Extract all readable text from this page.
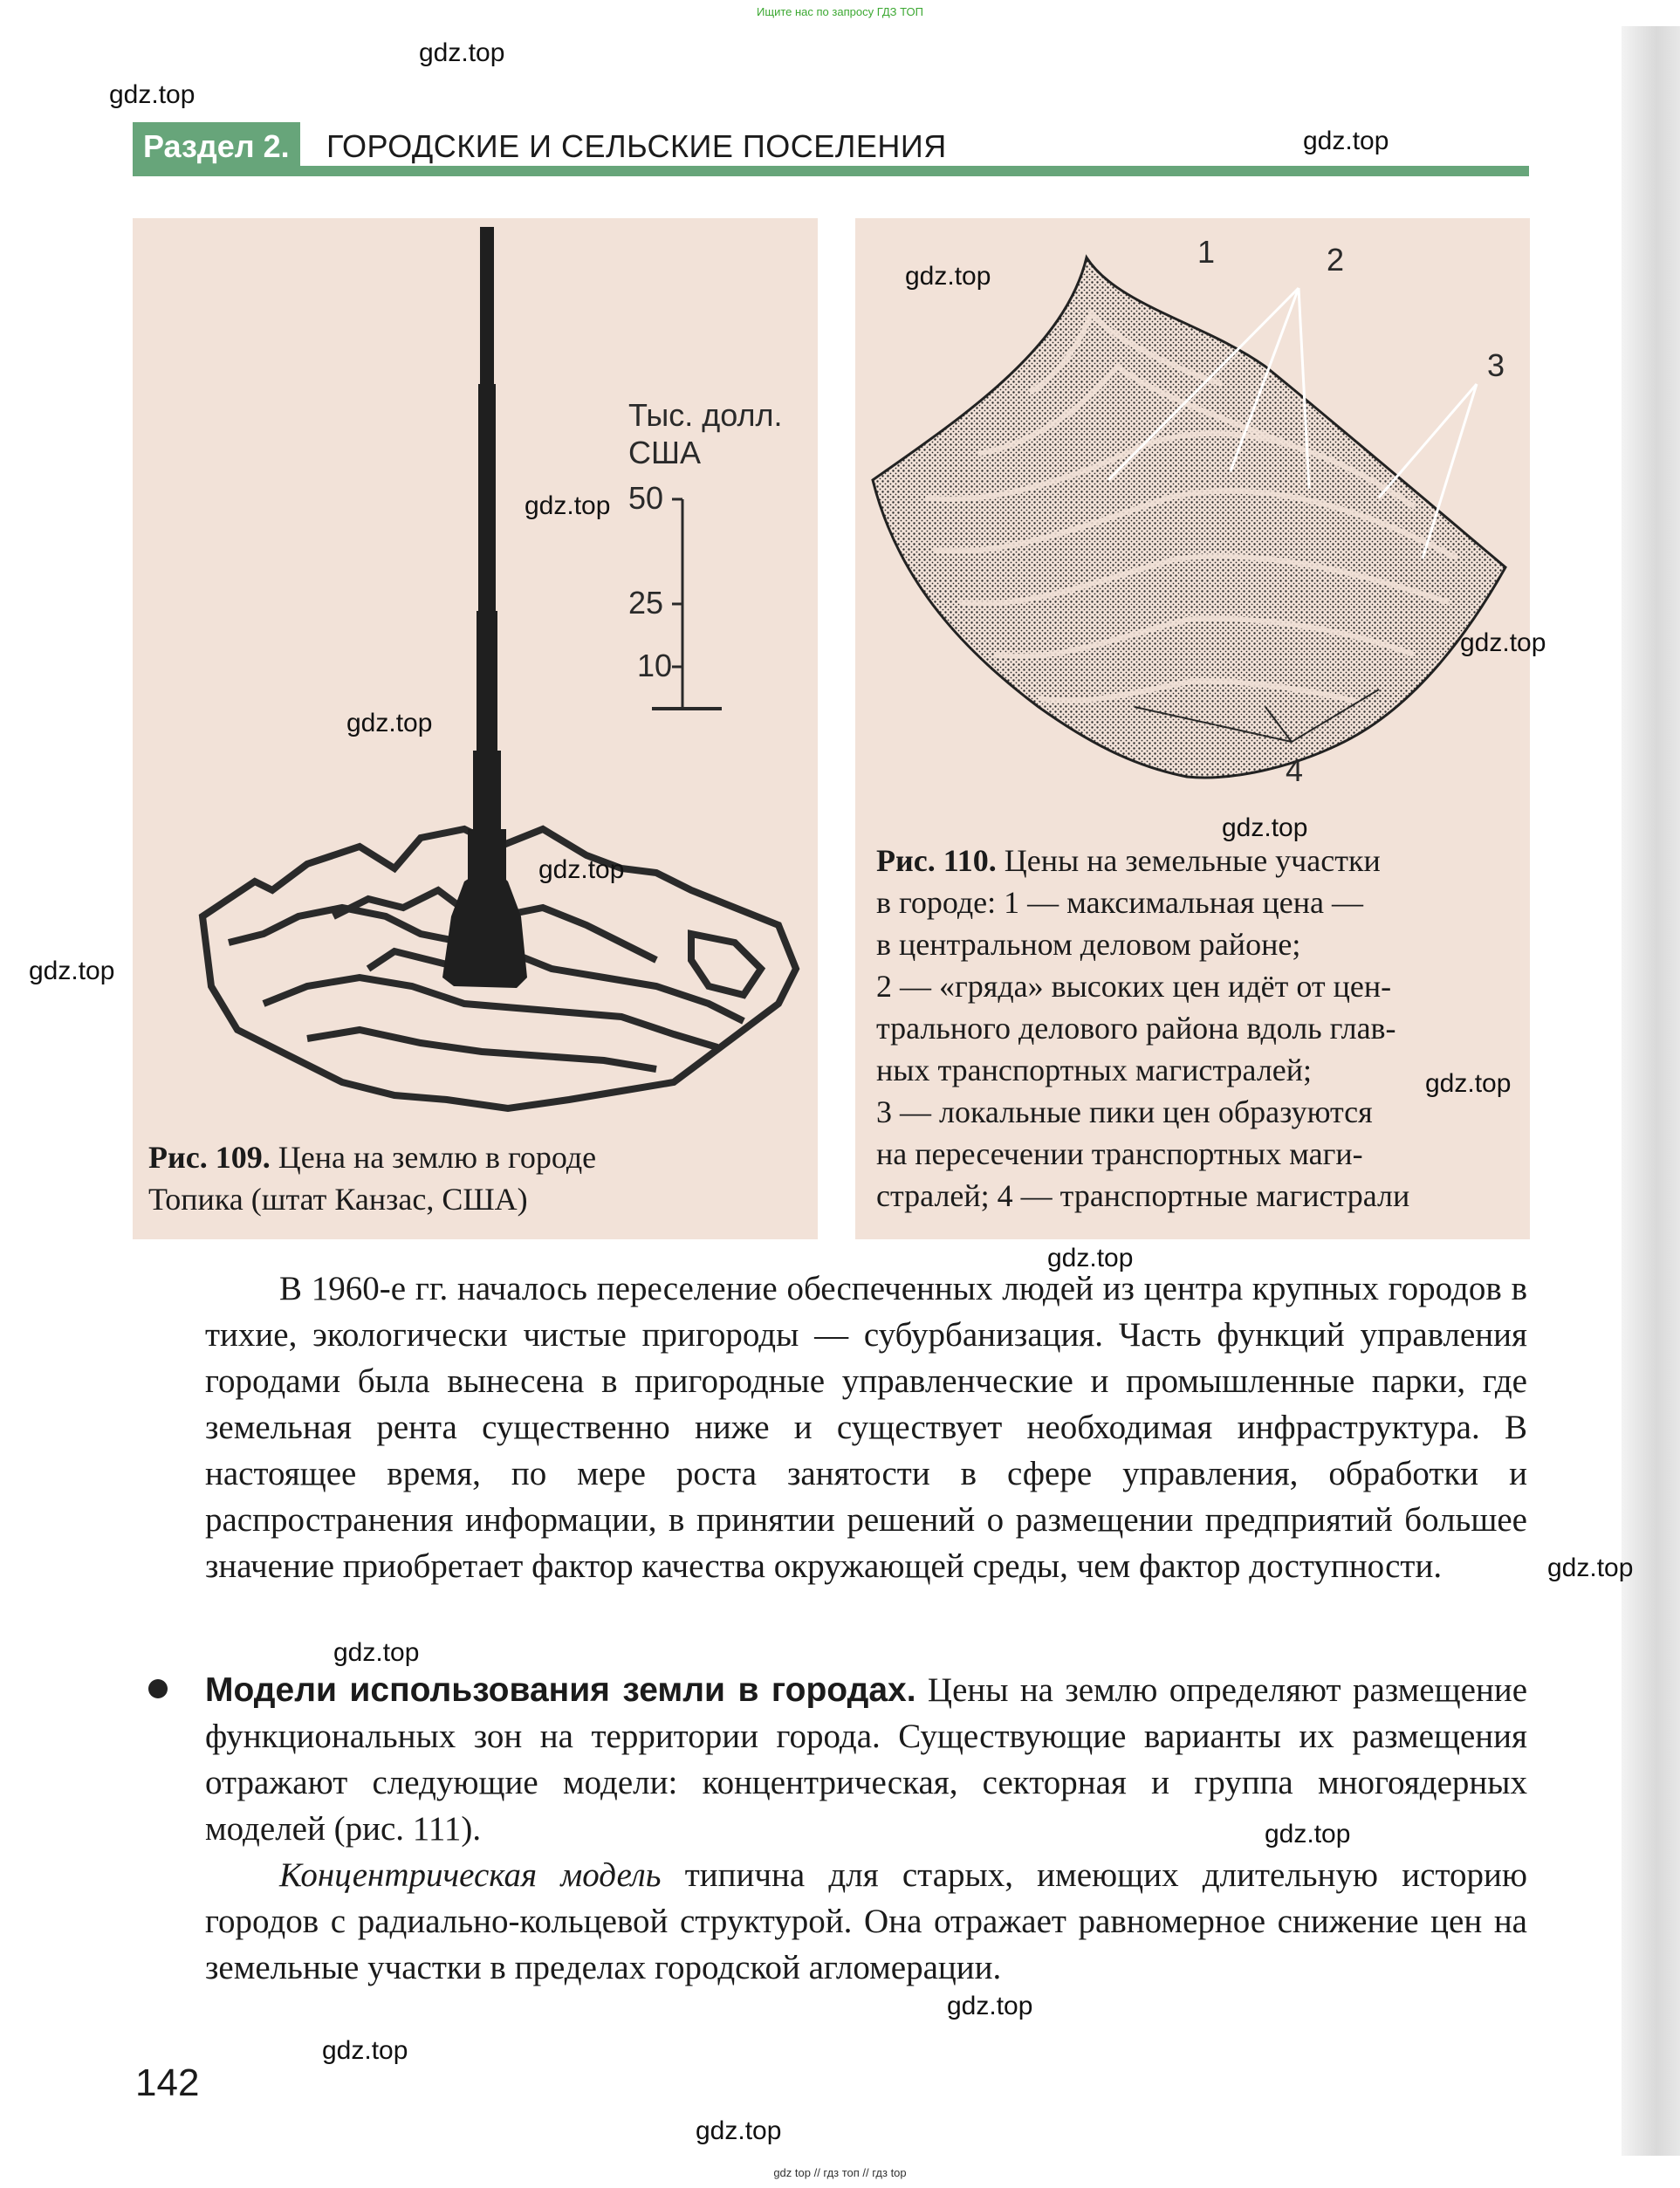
Ищите нас по запросу ГДЗ ТОП
Раздел 2.	ГОРОДСКИЕ И СЕЛЬСКИЕ ПОСЕЛЕНИЯ
Тыс. долл.
США
50
25
10
Рис. 109. Цена на землю в городе
Топика (штат Канзас, США)
1	2
3
4
Рис. 110. Цены на земельные участки
в городе: 1 — максимальная цена —
в центральном деловом районе;
2 — «гряда» высоких цен идёт от цен-
трального делового района вдоль глав-
ных транспортных магистралей;
3 — локальные пики цен образуются
на пересечении транспортных маги-
стралей; 4 — транспортные магистрали

В 1960-е гг. началось переселение обеспеченных людей из центра крупных городов в тихие, экологически чистые пригороды — субурбанизация. Часть функций управления городами была вынесена в пригородные управленческие и промышленные парки, где земельная рента существенно ниже и существует необходимая инфраструктура. В настоящее время, по мере роста занятости в сфере управления, обработки и распространения информации, в принятии решений о размещении предприятий большее значение приобретает фактор качества окружающей среды, чем фактор доступности.

Модели использования земли в городах. Цены на землю определяют размещение функциональных зон на территории города. Существующие варианты их размещения отражают следующие модели: концентрическая, секторная и группа многоядерных моделей (рис. 111).

Концентрическая модель типична для старых, имеющих длительную историю городов с радиально-кольцевой структурой. Она отражает равномерное снижение цен на земельные участки в пределах городской агломерации.

142
gdz.top
gdz.top
gdz.top
gdz.top
gdz.top
gdz.top
gdz.top
gdz.top
gdz.top
gdz.top
gdz.top
gdz.top
gdz.top
gdz.top
gdz.top
gdz.top
gdz.top
gdz.top
gdz top // гдз топ // гдз top
